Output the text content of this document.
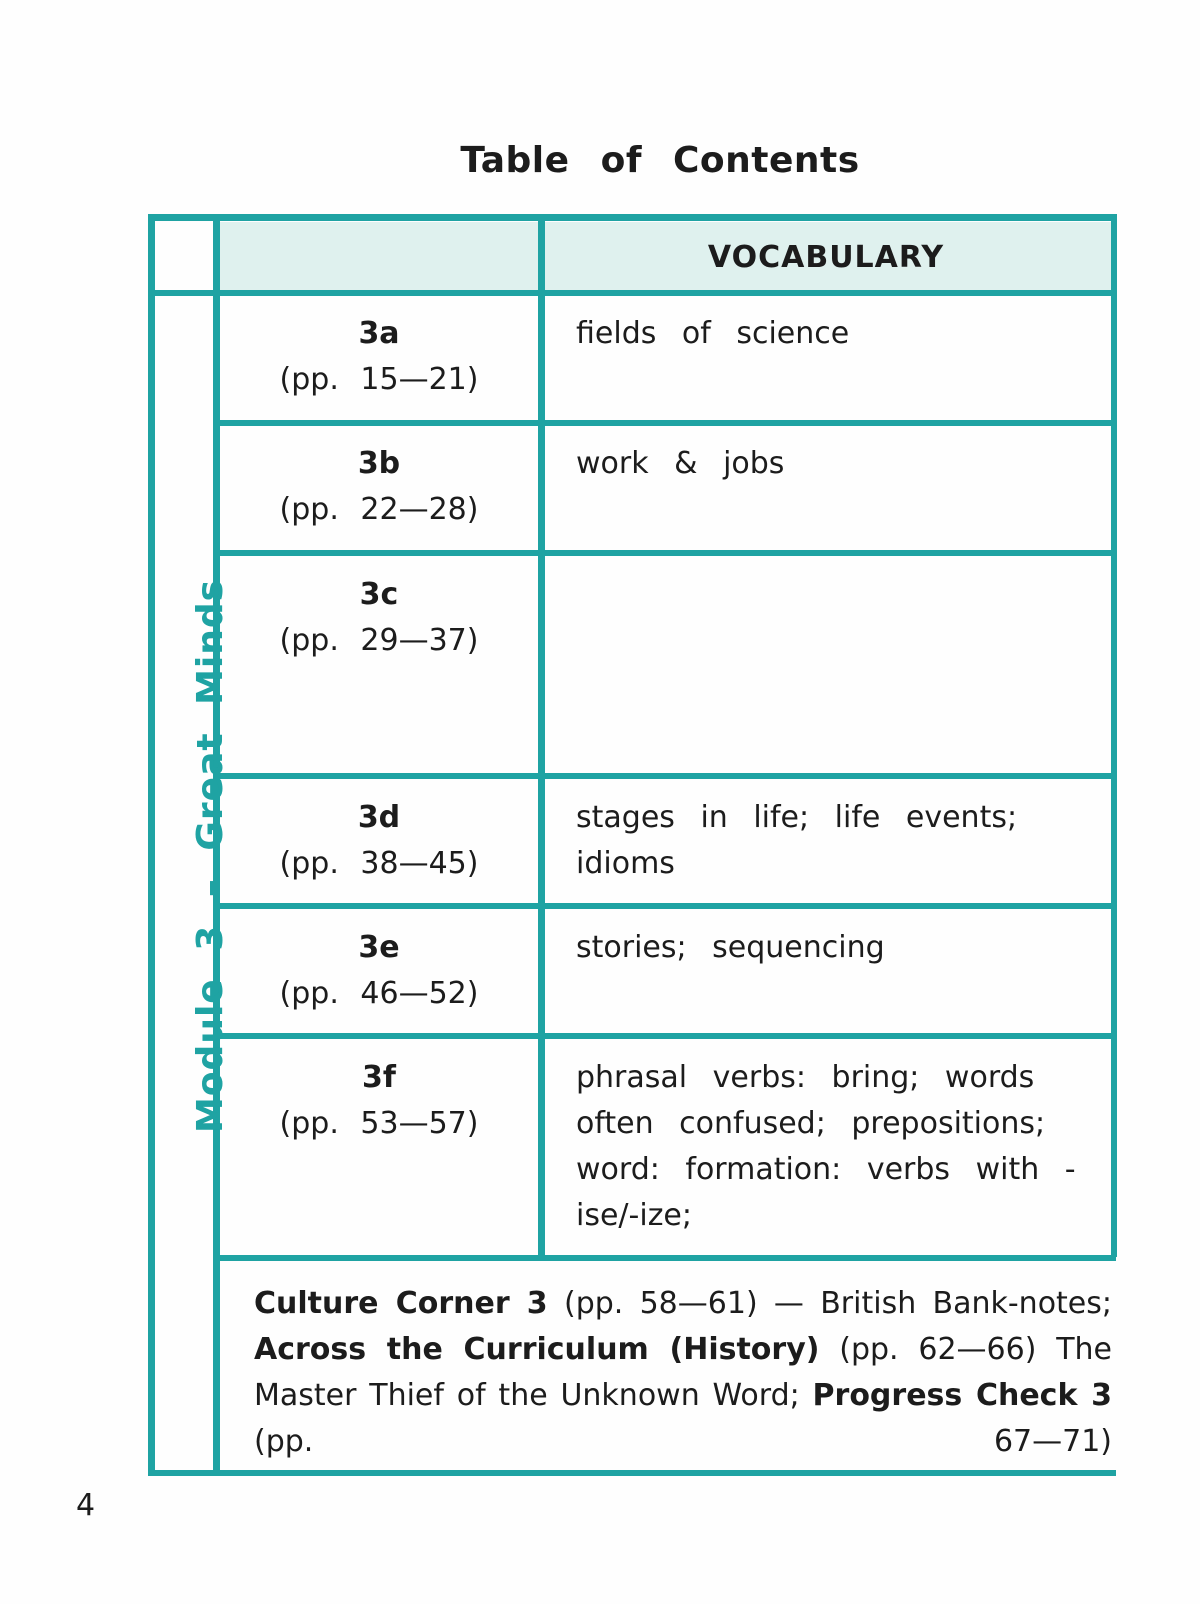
Table of Contents
VOCABULARY
Module 3 – Great Minds
3a
(pp. 15—21)
fields of science
3b
(pp. 22—28)
work & jobs
3c
(pp. 29—37)
3d
(pp. 38—45)
stages in life; life events; idioms
3e
(pp. 46—52)
stories; sequencing
3f
(pp. 53—57)
phrasal verbs: bring; words often confused; prepositions; word: formation: verbs with -ise/-ize;
Culture Corner 3 (pp. 58—61) — British Bank-notes; Across the Curriculum (History) (pp. 62—66) The Master Thief of the Unknown Word; Progress Check 3 (pp. 67—71)
4
